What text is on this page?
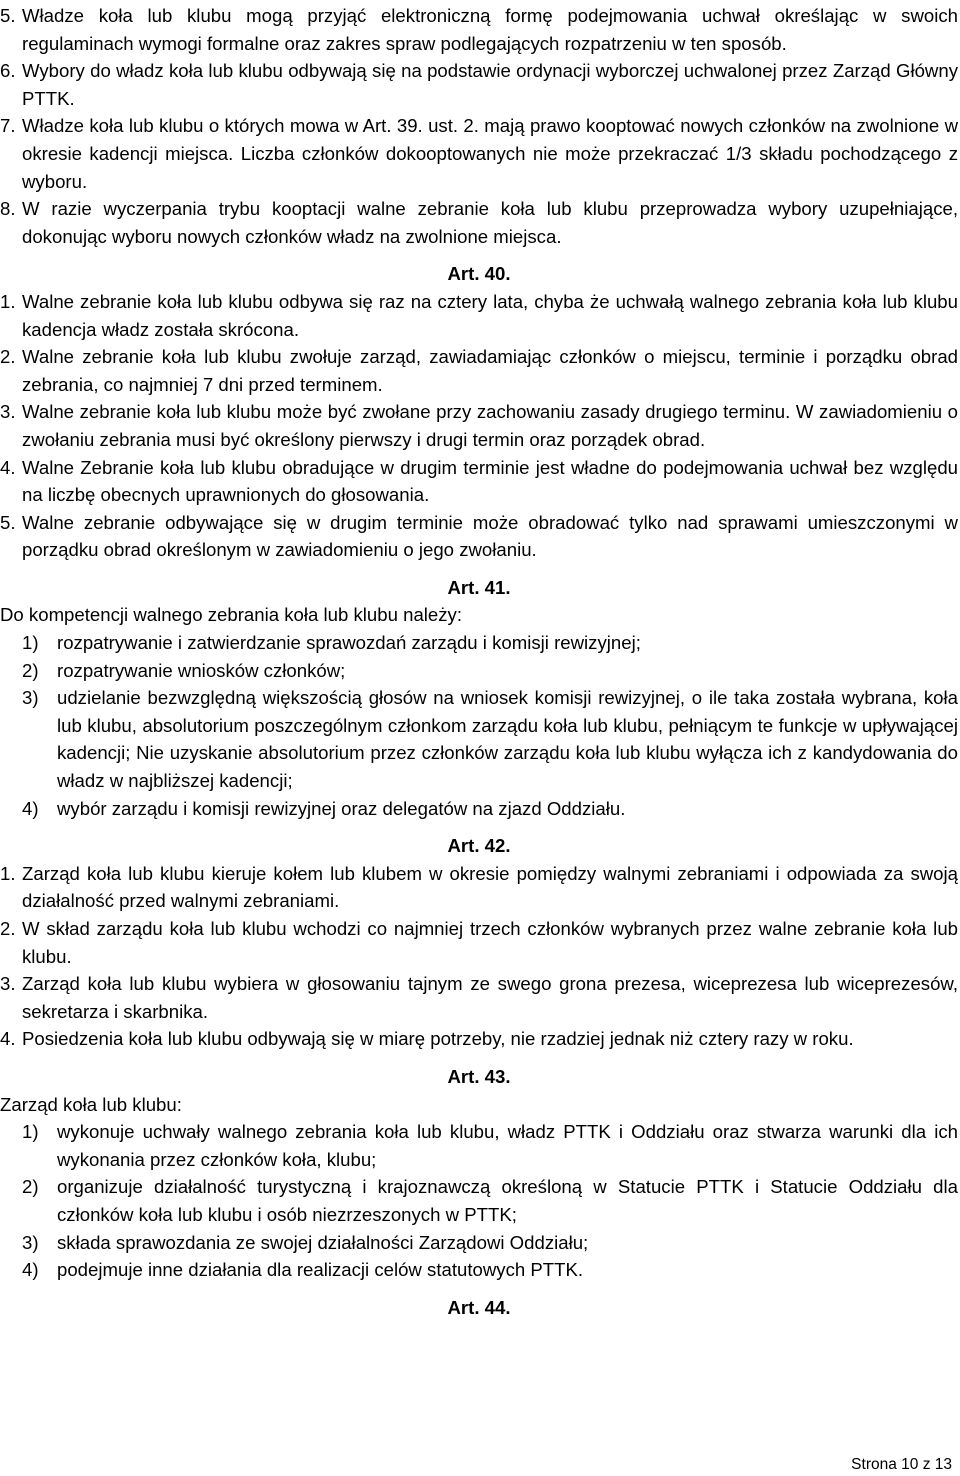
5. Władze koła lub klubu mogą przyjąć elektroniczną formę podejmowania uchwał określając w swoich regulaminach wymogi formalne oraz zakres spraw podlegających rozpatrzeniu w ten sposób.
6. Wybory do władz koła lub klubu odbywają się na podstawie ordynacji wyborczej uchwalonej przez Zarząd Główny PTTK.
7. Władze koła lub klubu o których mowa w Art. 39. ust. 2. mają prawo kooptować nowych członków na zwolnione w okresie kadencji miejsca. Liczba członków dokooptowanych nie może przekraczać 1/3 składu pochodzącego z wyboru.
8. W razie wyczerpania trybu kooptacji walne zebranie koła lub klubu przeprowadza wybory uzupełniające, dokonując wyboru nowych członków władz na zwolnione miejsca.
Art. 40.
1. Walne zebranie koła lub klubu odbywa się raz na cztery lata, chyba że uchwałą walnego zebrania koła lub klubu kadencja władz została skrócona.
2. Walne zebranie koła lub klubu zwołuje zarząd, zawiadamiając członków o miejscu, terminie i porządku obrad zebrania, co najmniej 7 dni przed terminem.
3. Walne zebranie koła lub klubu może być zwołane przy zachowaniu zasady drugiego terminu. W zawiadomieniu o zwołaniu zebrania musi być określony pierwszy i drugi termin oraz porządek obrad.
4. Walne Zebranie koła lub klubu obradujące w drugim terminie jest władne do podejmowania uchwał bez względu na liczbę obecnych uprawnionych do głosowania.
5. Walne zebranie odbywające się w drugim terminie może obradować tylko nad sprawami umieszczonymi w porządku obrad określonym w zawiadomieniu o jego zwołaniu.
Art. 41.
Do kompetencji walnego zebrania koła lub klubu należy:
1) rozpatrywanie i zatwierdzanie sprawozdań zarządu i komisji rewizyjnej;
2) rozpatrywanie wniosków członków;
3) udzielanie bezwzględną większością głosów na wniosek komisji rewizyjnej, o ile taka została wybrana, koła lub klubu, absolutorium poszczególnym członkom zarządu koła lub klubu, pełniącym te funkcje w upływającej kadencji; Nie uzyskanie absolutorium przez członków zarządu koła lub klubu wyłącza ich z kandydowania do władz w najbliższej kadencji;
4) wybór zarządu i komisji rewizyjnej oraz delegatów na zjazd Oddziału.
Art. 42.
1. Zarząd koła lub klubu kieruje kołem lub klubem w okresie pomiędzy walnymi zebraniami i odpowiada za swoją działalność przed walnymi zebraniami.
2. W skład zarządu koła lub klubu wchodzi co najmniej trzech członków wybranych przez walne zebranie koła lub klubu.
3. Zarząd koła lub klubu wybiera w głosowaniu tajnym ze swego grona prezesa, wiceprezesa lub wiceprezesów, sekretarza i skarbnika.
4. Posiedzenia koła lub klubu odbywają się w miarę potrzeby, nie rzadziej jednak niż cztery razy w roku.
Art. 43.
Zarząd koła lub klubu:
1) wykonuje uchwały walnego zebrania koła lub klubu, władz PTTK i Oddziału oraz stwarza warunki dla ich wykonania przez członków koła, klubu;
2) organizuje działalność turystyczną i krajoznawczą określoną w Statucie PTTK i Statucie Oddziału dla członków koła lub klubu i osób niezrzeszonych w PTTK;
3) składa sprawozdania ze swojej działalności Zarządowi Oddziału;
4) podejmuje inne działania dla realizacji celów statutowych PTTK.
Art. 44.
Strona 10 z 13
